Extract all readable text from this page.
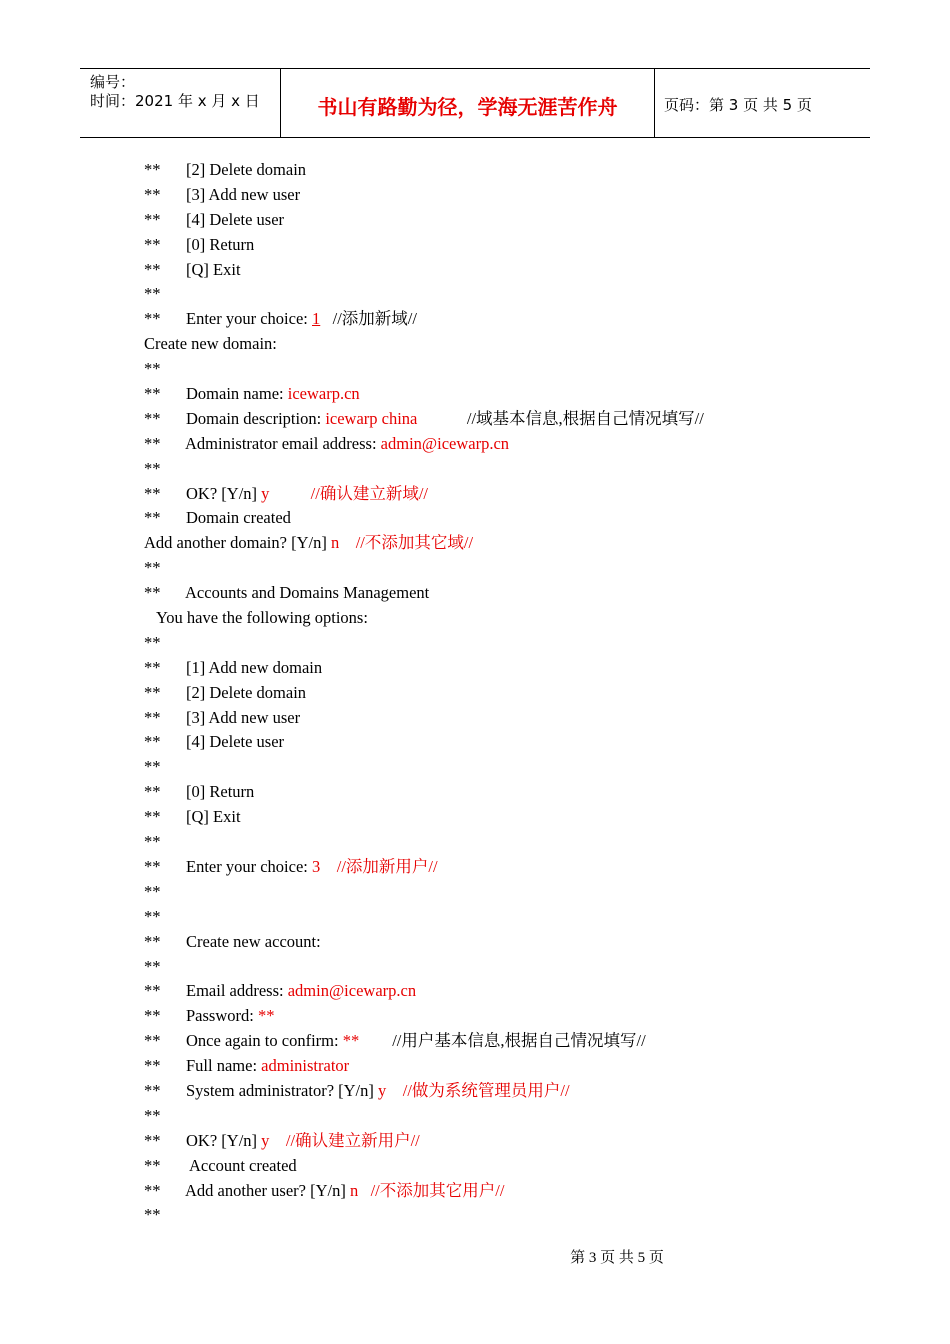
编号：
时间：2021 年 x 月 x 日	书山有路勤为径，学海无涯苦作舟	页码：第 3 页 共 5 页
** [2] Delete domain
** [3] Add new user
** [4] Delete user
** [0] Return
** [Q] Exit
**
** Enter your choice: 1   //添加新域//
Create new domain:
**
** Domain name: icewarp.cn
** Domain description: icewarp china            //域基本信息,根据自己情况填写//
** Administrator email address: admin@icewarp.cn
**
** OK? [Y/n] y          //确认建立新域//
** Domain created
Add another domain? [Y/n] n    //不添加其它域//
**
** Accounts and Domains Management
You have the following options:
**
** [1] Add new domain
** [2] Delete domain
** [3] Add new user
** [4] Delete user
**
** [0] Return
** [Q] Exit
**
** Enter your choice: 3    //添加新用户//
**
**
** Create new account:
**
** Email address: admin@icewarp.cn
** Password: **
** Once again to confirm: **        //用户基本信息,根据自己情况填写//
** Full name: administrator
** System administrator? [Y/n] y    //做为系统管理员用户//
**
** OK? [Y/n] y    //确认建立新用户//
** Account created
** Add another user? [Y/n] n   //不添加其它用户//
**
第 3 页 共 5 页
